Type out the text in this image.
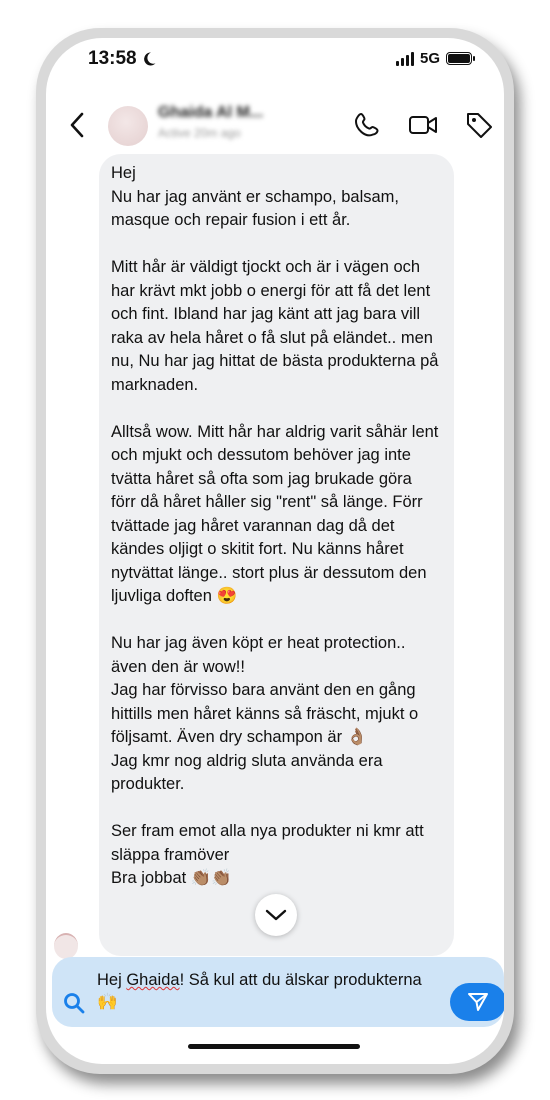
13:58	5G
Ghaida Al M...
Active 20m ago
Hej
Nu har jag använt er schampo, balsam, masque och repair fusion i ett år.

Mitt hår är väldigt tjockt och är i vägen och har krävt mkt jobb o energi för att få det lent och fint. Ibland har jag känt att jag bara vill raka av hela håret o få slut på eländet.. men nu, Nu har jag hittat de bästa produkterna på marknaden.

Alltså wow. Mitt hår har aldrig varit såhär lent och mjukt och dessutom behöver jag inte tvätta håret så ofta som jag brukade göra förr då håret håller sig "rent" så länge. Förr tvättade jag håret varannan dag då det kändes oljigt o skitit fort. Nu känns håret nytvättat länge.. stort plus är dessutom den ljuvliga doften 😍

Nu har jag även köpt er heat protection.. även den är wow!!
Jag har förvisso bara använt den en gång hittills men håret känns så fräscht, mjukt o följsamt. Även dry schampon är 👌🏽
Jag kmr nog aldrig sluta använda era produkter.

Ser fram emot alla nya produkter ni kmr att släppa framöver
Bra jobbat 👏🏽👏🏽
Hej Ghaida! Så kul att du älskar produkterna 🙌
